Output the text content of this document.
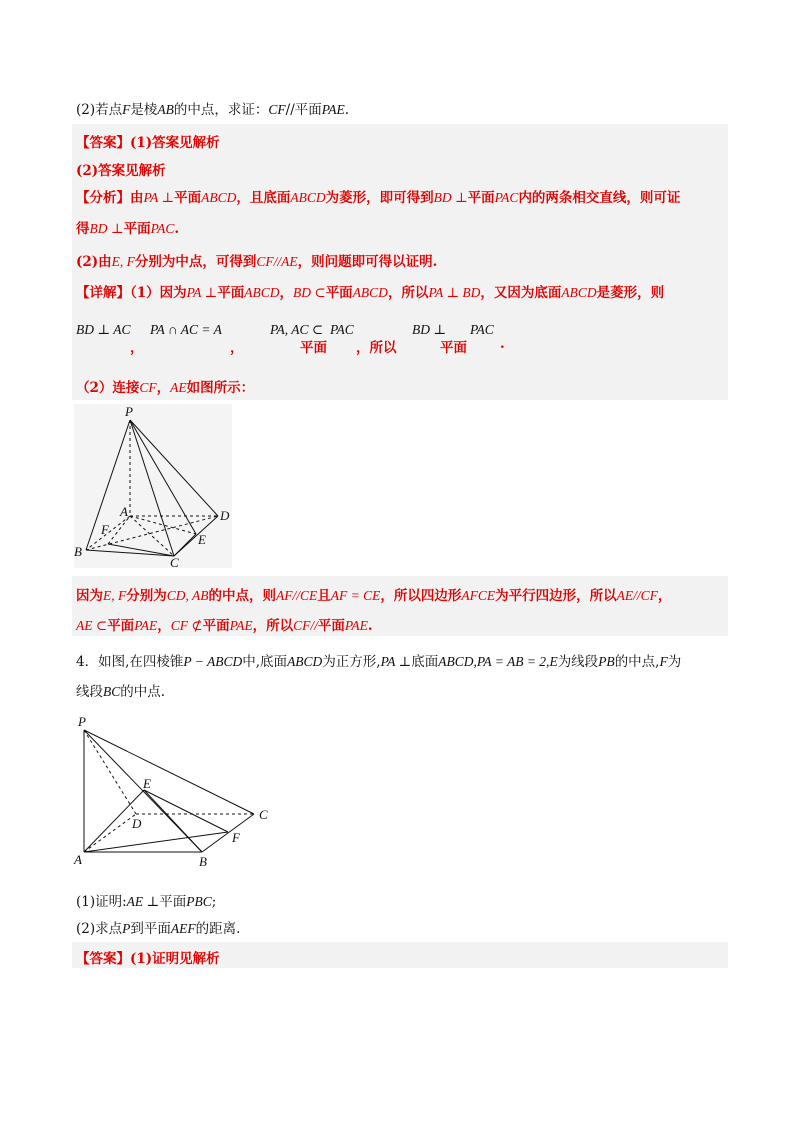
(2)若点F是棱AB的中点，求证：CF//平面PAE.
【答案】(1)答案见解析
(2)答案见解析
【分析】由PA ⊥平面ABCD，且底面ABCD为菱形，即可得到BD ⊥平面PAC内的两条相交直线，则可证
得BD ⊥平面PAC.
(2)由E, F分别为中点，可得到CF//AE，则问题即可得以证明.
【详解】（1）因为PA ⊥平面ABCD，BD ⊂平面ABCD，所以PA ⊥ BD，又因为底面ABCD是菱形，则
BD ⊥ AC
，
PA ∩ AC = A
，
PA, AC ⊂
平面
PAC
，所以
BD ⊥
平面
PAC
.
（2）连接CF，AE如图所示：
P
A	D
B
C
F
E
因为E, F分别为CD, AB的中点，则AF//CE且AF = CE，所以四边形AFCE为平行四边形，所以AE//CF，
AE ⊂平面PAE，CF ⊄平面PAE，所以CF//平面PAE.
4．如图,在四棱锥P − ABCD中,底面ABCD为正方形,PA ⊥底面ABCD,PA = AB = 2,E为线段PB的中点,F为
线段BC的中点.
P
E
D
C
F
A	B
(1)证明:AE ⊥平面PBC;
(2)求点P到平面AEF的距离.
【答案】(1)证明见解析
